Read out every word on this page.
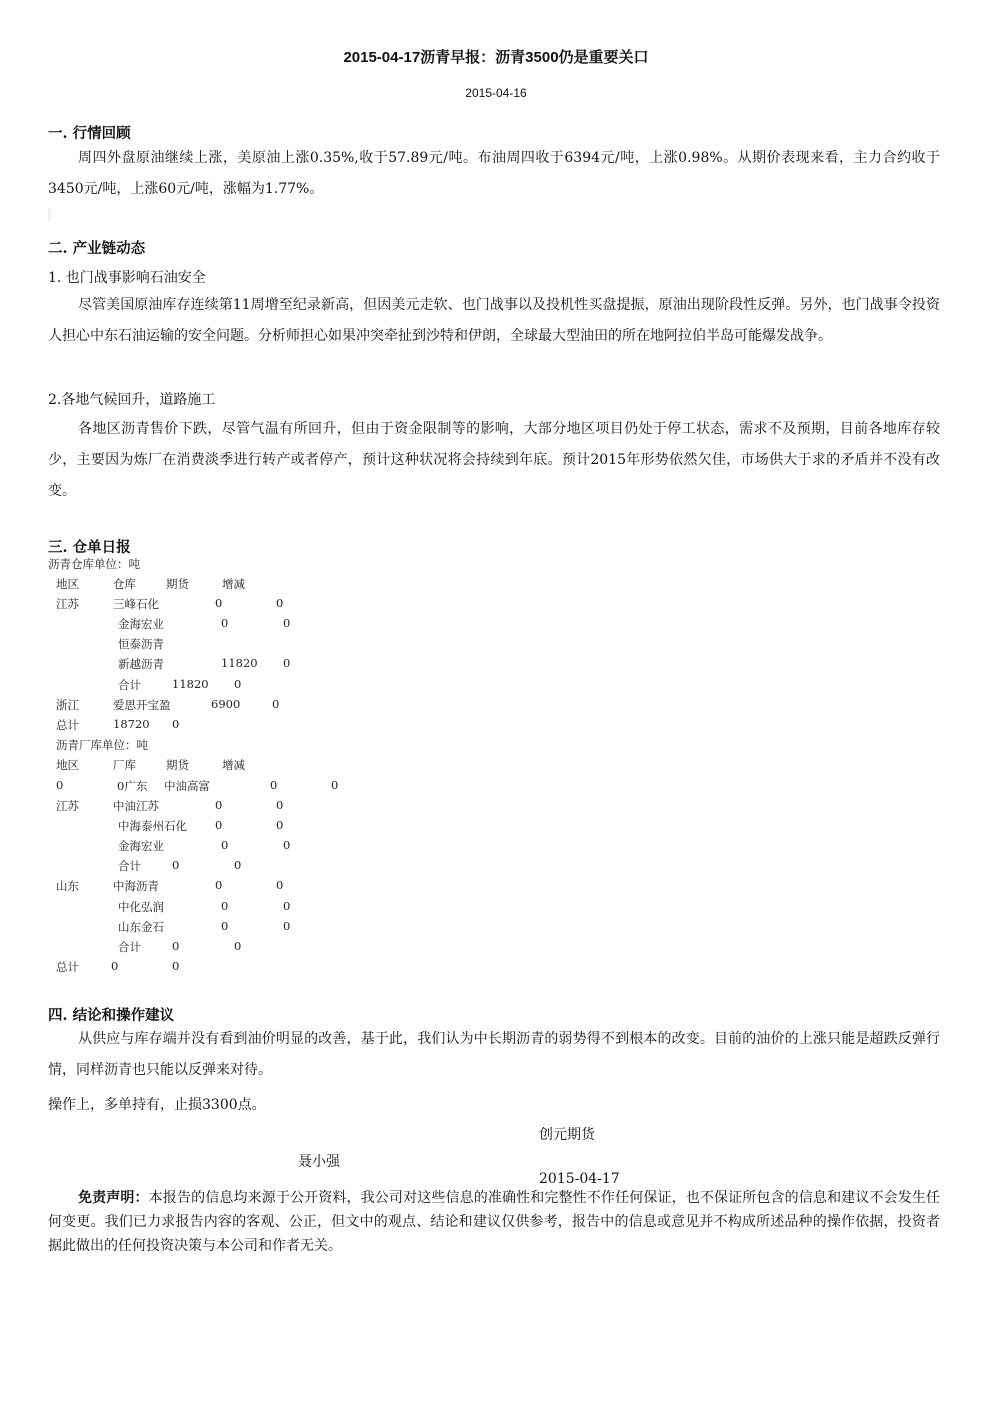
2015-04-17沥青早报：沥青3500仍是重要关口
2015-04-16
一. 行情回顾
周四外盘原油继续上涨，美原油上涨0.35%,收于57.89元/吨。布油周四收于6394元/吨，上涨0.98%。从期价表现来看，主力合约收于3450元/吨，上涨60元/吨，涨幅为1.77%。
二. 产业链动态
1. 也门战事影响石油安全
尽管美国原油库存连续第11周增至纪录新高，但因美元走软、也门战事以及投机性买盘提振，原油出现阶段性反弹。另外，也门战事令投资人担心中东石油运输的安全问题。分析师担心如果冲突牵扯到沙特和伊朗，全球最大型油田的所在地阿拉伯半岛可能爆发战争。
2.各地气候回升，道路施工
各地区沥青售价下跌，尽管气温有所回升，但由于资金限制等的影响，大部分地区项目仍处于停工状态，需求不及预期，目前各地库存较少，主要因为炼厂在消费淡季进行转产或者停产，预计这种状况将会持续到年底。预计2015年形势依然欠佳，市场供大于求的矛盾并不没有改变。
三. 仓单日报
沥青仓库单位：吨
地区	仓库	期货	增减
江苏	三峰石化	0	0
金海宏业	0	0
恒泰沥青
新越沥青	11820 0
合计	11820 0
浙江	爱思开宝盈	6900	0
总计	18720 0
沥青厂库单位：吨
地区	厂库	期货	增减
0	0广东 中油高富	0	0
江苏	中油江苏	0	0
中海泰州石化 0	0
金海宏业	0	0
合计	0	0
山东	中海沥青	0	0
中化弘润	0	0
山东金石	0	0
合计	0	0
总计	0	0
四. 结论和操作建议
从供应与库存端并没有看到油价明显的改善，基于此，我们认为中长期沥青的弱势得不到根本的改变。目前的油价的上涨只能是超跌反弹行情，同样沥青也只能以反弹来对待。
操作上，多单持有，止损3300点。
创元期货
聂小强
2015-04-17
免责声明：本报告的信息均来源于公开资料，我公司对这些信息的准确性和完整性不作任何保证，也不保证所包含的信息和建议不会发生任何变更。我们已力求报告内容的客观、公正，但文中的观点、结论和建议仅供参考，报告中的信息或意见并不构成所述品种的操作依据，投资者据此做出的任何投资决策与本公司和作者无关。
